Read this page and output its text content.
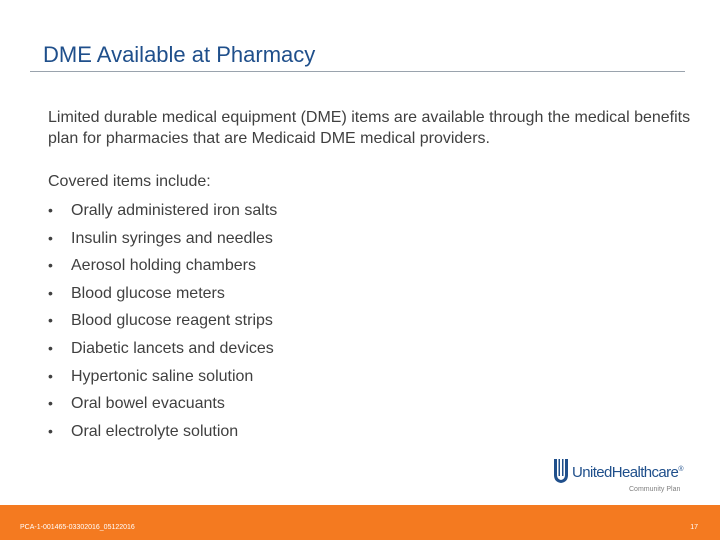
DME Available at Pharmacy
Limited durable medical equipment (DME) items are available through the medical benefits plan for pharmacies that are Medicaid DME medical providers.
Covered items include:
• Orally administered iron salts
• Insulin syringes and needles
• Aerosol holding chambers
• Blood glucose meters
• Blood glucose reagent strips
• Diabetic lancets and devices
• Hypertonic saline solution
• Oral bowel evacuants
• Oral electrolyte solution
UnitedHealthcare®
Community Plan
PCA-1-001465-03302016_05122016	17
